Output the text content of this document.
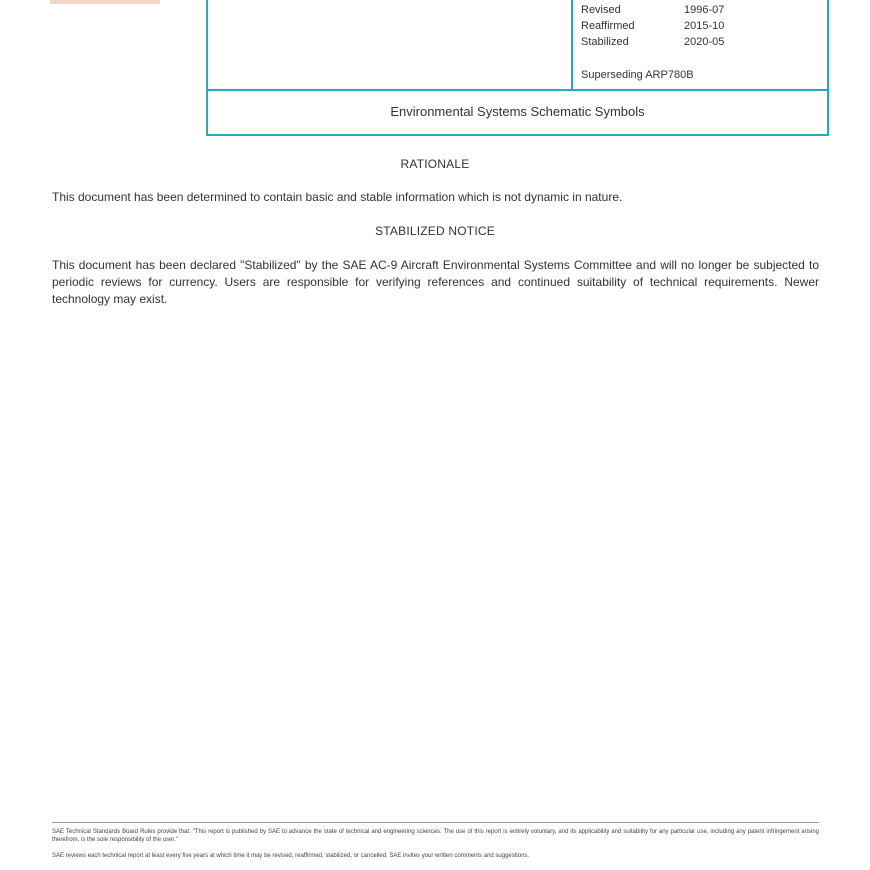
Revised	1996-07
Reaffirmed	2015-10
Stabilized	2020-05
Superseding ARP780B
Environmental Systems Schematic Symbols
RATIONALE
This document has been determined to contain basic and stable information which is not dynamic in nature.
STABILIZED NOTICE
This document has been declared "Stabilized" by the SAE AC-9 Aircraft Environmental Systems Committee and will no longer be subjected to periodic reviews for currency. Users are responsible for verifying references and continued suitability of technical requirements. Newer technology may exist.
SAE Technical Standards Board Rules provide that: "This report is published by SAE to advance the state of technical and engineering sciences. The use of this report is entirely voluntary, and its applicability and suitability for any particular use, including any patent infringement arising therefrom, is the sole responsibility of the user."
SAE reviews each technical report at least every five years at which time it may be revised, reaffirmed, stabilized, or cancelled. SAE invites your written comments and suggestions.
